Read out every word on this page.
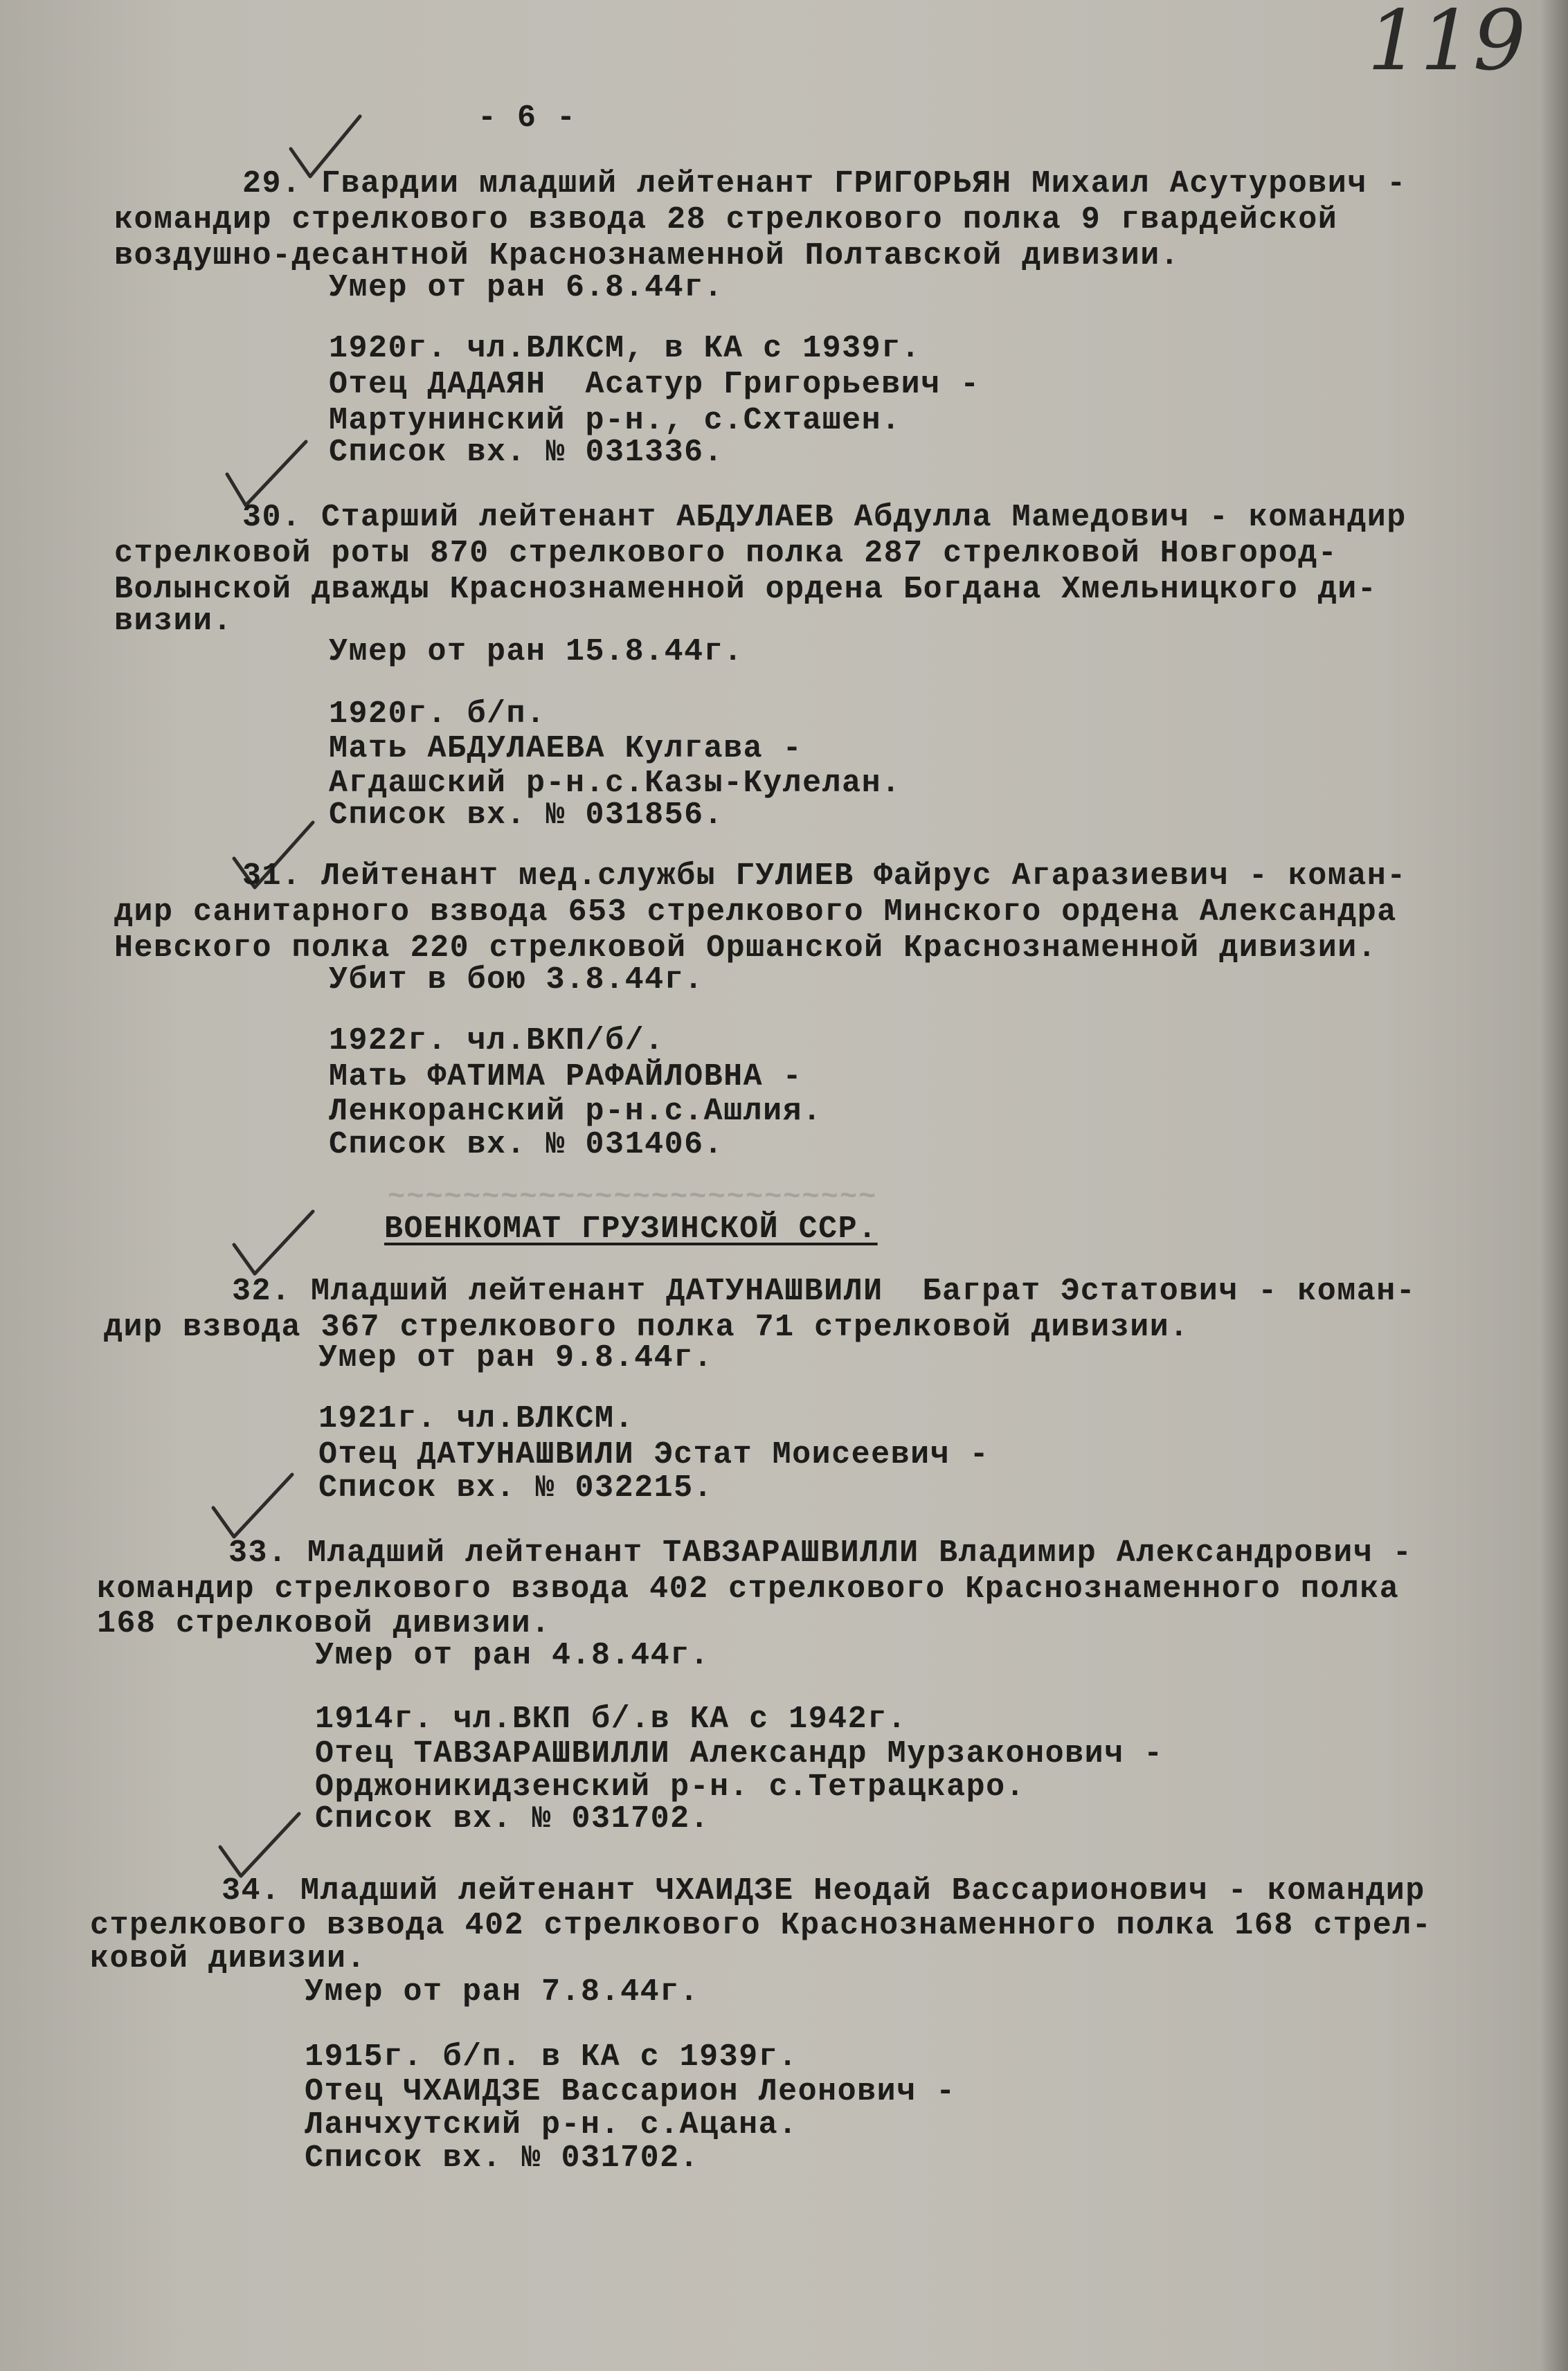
119
- 6 -
~~~~~~~~~~~~~~~~~~~~~~~~~~
29. Гвардии младший лейтенант ГРИГОРЬЯН Михаил Асутурович -
командир стрелкового взвода 28 стрелкового полка 9 гвардейской
воздушно-десантной Краснознаменной Полтавской дивизии.
Умер от ран 6.8.44г.
1920г. чл.ВЛКСМ, в КА с 1939г.
Отец ДАДАЯН  Асатур Григорьевич -
Мартунинский р-н., с.Схташен.
Список вх. № 031336.
30. Старший лейтенант АБДУЛАЕВ Абдулла Мамедович - командир
стрелковой роты 870 стрелкового полка 287 стрелковой Новгород-
Волынской дважды Краснознаменной ордена Богдана Хмельницкого ди-
визии.
Умер от ран 15.8.44г.
1920г. б/п.
Мать АБДУЛАЕВА Кулгава -
Агдашский р-н.с.Казы-Кулелан.
Список вх. № 031856.
31. Лейтенант мед.службы ГУЛИЕВ Файрус Агаразиевич - коман-
дир санитарного взвода 653 стрелкового Минского ордена Александра
Невского полка 220 стрелковой Оршанской Краснознаменной дивизии.
Убит в бою 3.8.44г.
1922г. чл.ВКП/б/.
Мать ФАТИМА РАФАЙЛОВНА -
Ленкоранский р-н.с.Ашлия.
Список вх. № 031406.
ВОЕНКОМАТ ГРУЗИНСКОЙ ССР.
32. Младший лейтенант ДАТУНАШВИЛИ  Баграт Эстатович - коман-
дир взвода 367 стрелкового полка 71 стрелковой дивизии.
Умер от ран 9.8.44г.
1921г. чл.ВЛКСМ.
Отец ДАТУНАШВИЛИ Эстат Моисеевич -
Список вх. № 032215.
33. Младший лейтенант ТАВЗАРАШВИЛЛИ Владимир Александрович -
командир стрелкового взвода 402 стрелкового Краснознаменного полка
168 стрелковой дивизии.
Умер от ран 4.8.44г.
1914г. чл.ВКП б/.в КА с 1942г.
Отец ТАВЗАРАШВИЛЛИ Александр Мурзаконович -
Орджоникидзенский р-н. с.Тетрацкаро.
Список вх. № 031702.
34. Младший лейтенант ЧХАИДЗЕ Неодай Вассарионович - командир
стрелкового взвода 402 стрелкового Краснознаменного полка 168 стрел-
ковой дивизии.
Умер от ран 7.8.44г.
1915г. б/п. в КА с 1939г.
Отец ЧХАИДЗЕ Вассарион Леонович -
Ланчхутский р-н. с.Ацана.
Список вх. № 031702.
